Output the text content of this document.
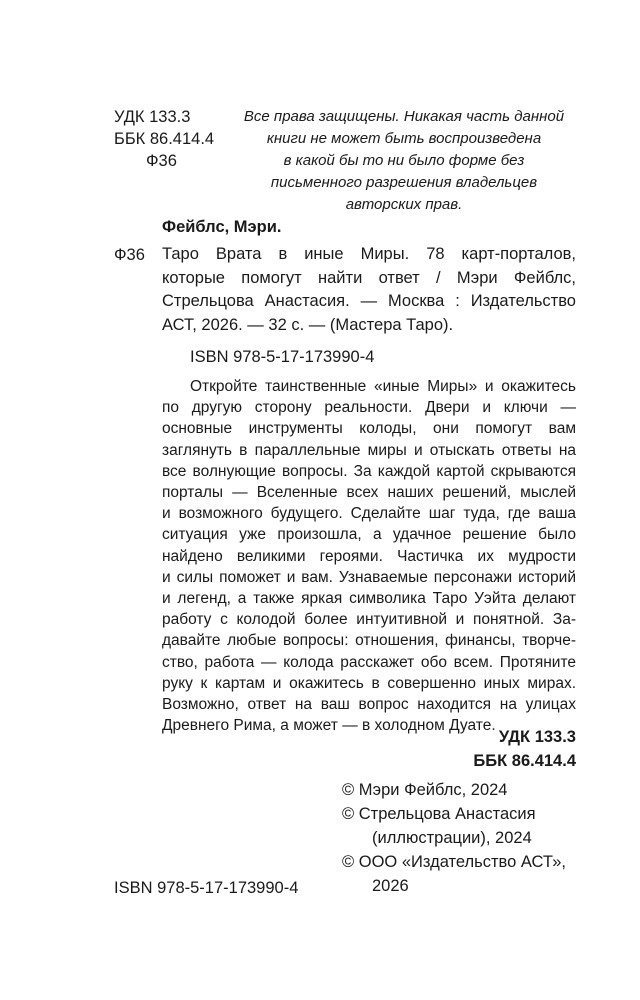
УДК 133.3
ББК 86.414.4
Ф36
Все права защищены. Никакая часть данной
книги не может быть воспроизведена
в какой бы то ни было форме без
письменного разрешения владельцев
авторских прав.
Фейблс, Мэри.
Ф36 Таро Врата в иные Миры. 78 карт-порталов,
которые помогут найти ответ / Мэри Фейблс,
Стрельцова Анастасия. — Москва : Издательство
АСТ, 2026. — 32 с. — (Мастера Таро).
ISBN 978-5-17-173990-4
Откройте таинственные «иные Миры» и окажитесь
по другую сторону реальности. Двери и ключи —
основные инструменты колоды, они помогут вам
заглянуть в параллельные миры и отыскать ответы на
все волнующие вопросы. За каждой картой скрываются
порталы — Вселенные всех наших решений, мыслей
и возможного будущего. Сделайте шаг туда, где ваша
ситуация уже произошла, а удачное решение было
найдено великими героями. Частичка их мудрости
и силы поможет и вам. Узнаваемые персонажи историй
и легенд, а также яркая символика Таро Уэйта делают
работу с колодой более интуитивной и понятной. За-
давайте любые вопросы: отношения, финансы, творче-
ство, работа — колода расскажет обо всем. Протяните
руку к картам и окажитесь в совершенно иных мирах.
Возможно, ответ на ваш вопрос находится на улицах
Древнего Рима, а может — в холодном Дуате.
УДК 133.3
ББК 86.414.4
© Мэри Фейблс, 2024
© Стрельцова Анастасия
(иллюстрации), 2024
© ООО «Издательство АСТ»,
2026
ISBN 978-5-17-173990-4
